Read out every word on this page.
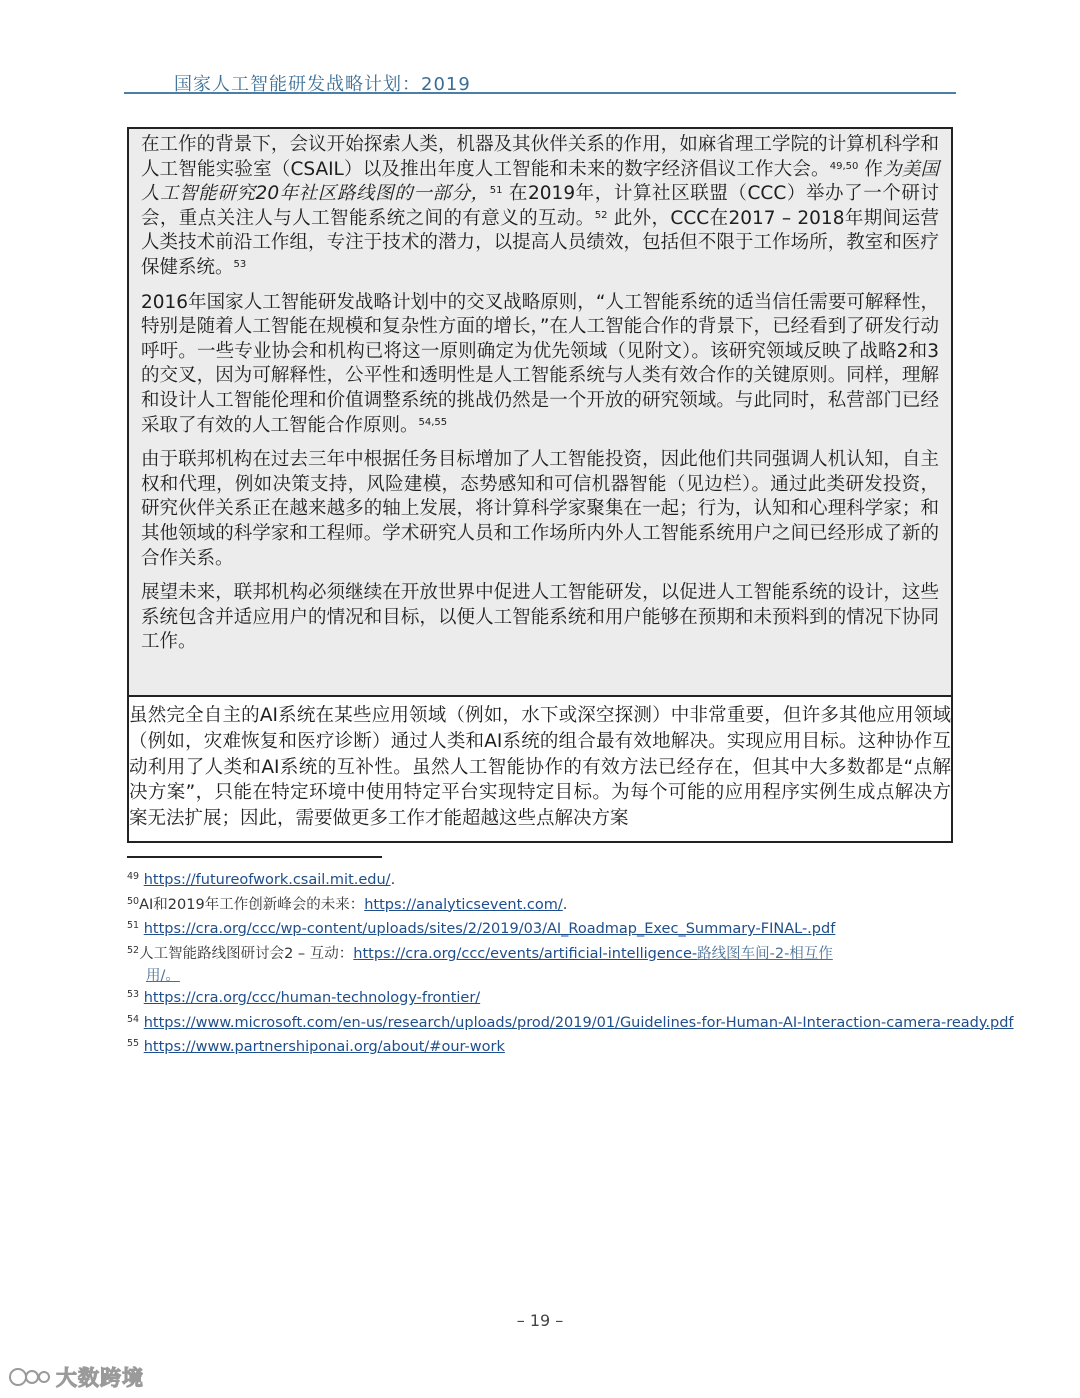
国家人工智能研发战略计划：2019

在工作的背景下，会议开始探索人类，机器及其伙伴关系的作用，如麻省理工学院的计算机科学和人工智能实验室（CSAIL）以及推出年度人工智能和未来的数字经济倡议工作大会。$^{49,50}$ 作为美国人工智能研究20年社区路线图的一部分，$^{51}$ 在2019年，计算社区联盟（CCC）举办了一个研讨会，重点关注人与人工智能系统之间的有意义的互动。$^{52}$ 此外，CCC在2017 – 2018年期间运营人类技术前沿工作组，专注于技术的潜力，以提高人员绩效，包括但不限于工作场所，教室和医疗保健系统。$^{53}$

2016年国家人工智能研发战略计划中的交叉战略原则，“人工智能系统的适当信任需要可解释性，特别是随着人工智能在规模和复杂性方面的增长，”在人工智能合作的背景下，已经看到了研发行动呼吁。一些专业协会和机构已将这一原则确定为优先领域（见附文）。该研究领域反映了战略2和3的交叉，因为可解释性，公平性和透明性是人工智能系统与人类有效合作的关键原则。同样，理解和设计人工智能伦理和价值调整系统的挑战仍然是一个开放的研究领域。与此同时，私营部门已经采取了有效的人工智能合作原则。$^{54,55}$

由于联邦机构在过去三年中根据任务目标增加了人工智能投资，因此他们共同强调人机认知，自主权和代理，例如决策支持，风险建模，态势感知和可信机器智能（见边栏）。通过此类研发投资，研究伙伴关系正在越来越多的轴上发展，将计算科学家聚集在一起；行为，认知和心理科学家；和其他领域的科学家和工程师。学术研究人员和工作场所内外人工智能系统用户之间已经形成了新的合作关系。

展望未来，联邦机构必须继续在开放世界中促进人工智能研发，以促进人工智能系统的设计，这些系统包含并适应用户的情况和目标，以便人工智能系统和用户能够在预期和未预料到的情况下协同工作。

虽然完全自主的AI系统在某些应用领域（例如，水下或深空探测）中非常重要，但许多其他应用领域（例如，灾难恢复和医疗诊断）通过人类和AI系统的组合最有效地解决。实现应用目标。这种协作互动利用了人类和AI系统的互补性。虽然人工智能协作的有效方法已经存在，但其中大多数都是“点解决方案”，只能在特定环境中使用特定平台实现特定目标。为每个可能的应用程序实例生成点解决方案无法扩展；因此，需要做更多工作才能超越这些点解决方案

$^{49}$ https://futureofwork.csail.mit.edu/.
$^{50}$AI和2019年工作创新峰会的未来：https://analyticsevent.com/.
$^{51}$ https://cra.org/ccc/wp-content/uploads/sites/2/2019/03/AI_Roadmap_Exec_Summary-FINAL-.pdf
$^{52}$人工智能路线图研讨会2 – 互动：https://cra.org/ccc/events/artificial-intelligence-路线图车间-2-相互作
用/。
$^{53}$ https://cra.org/ccc/human-technology-frontier/
$^{54}$ https://www.microsoft.com/en-us/research/uploads/prod/2019/01/Guidelines-for-Human-AI-Interaction-camera-ready.pdf
$^{55}$ https://www.partnershiponai.org/about/#our-work
– 19 –
大数跨境
